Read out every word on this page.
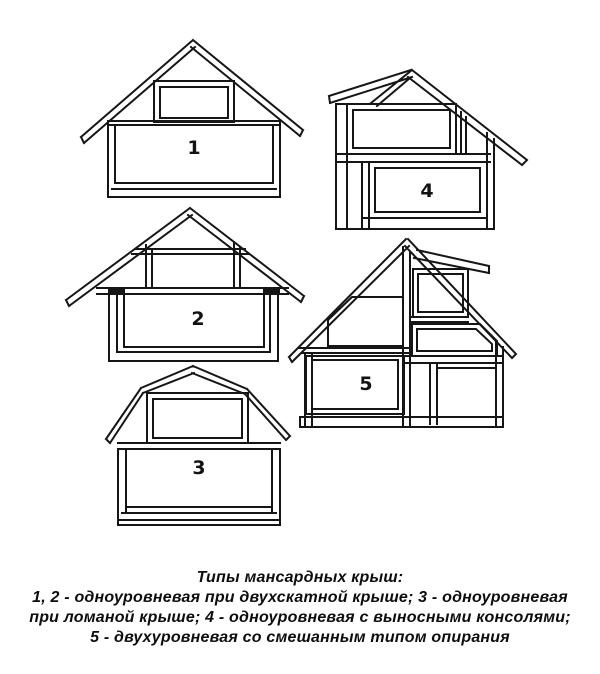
1
2
3
4
5
Типы мансардных крыш:
1, 2 - одноуровневая при двухскатной крыше; 3 - одноуровневая
при ломаной крыше; 4 - одноуровневая с выносными консолями;
5 - двухуровневая со смешанным типом опирания
